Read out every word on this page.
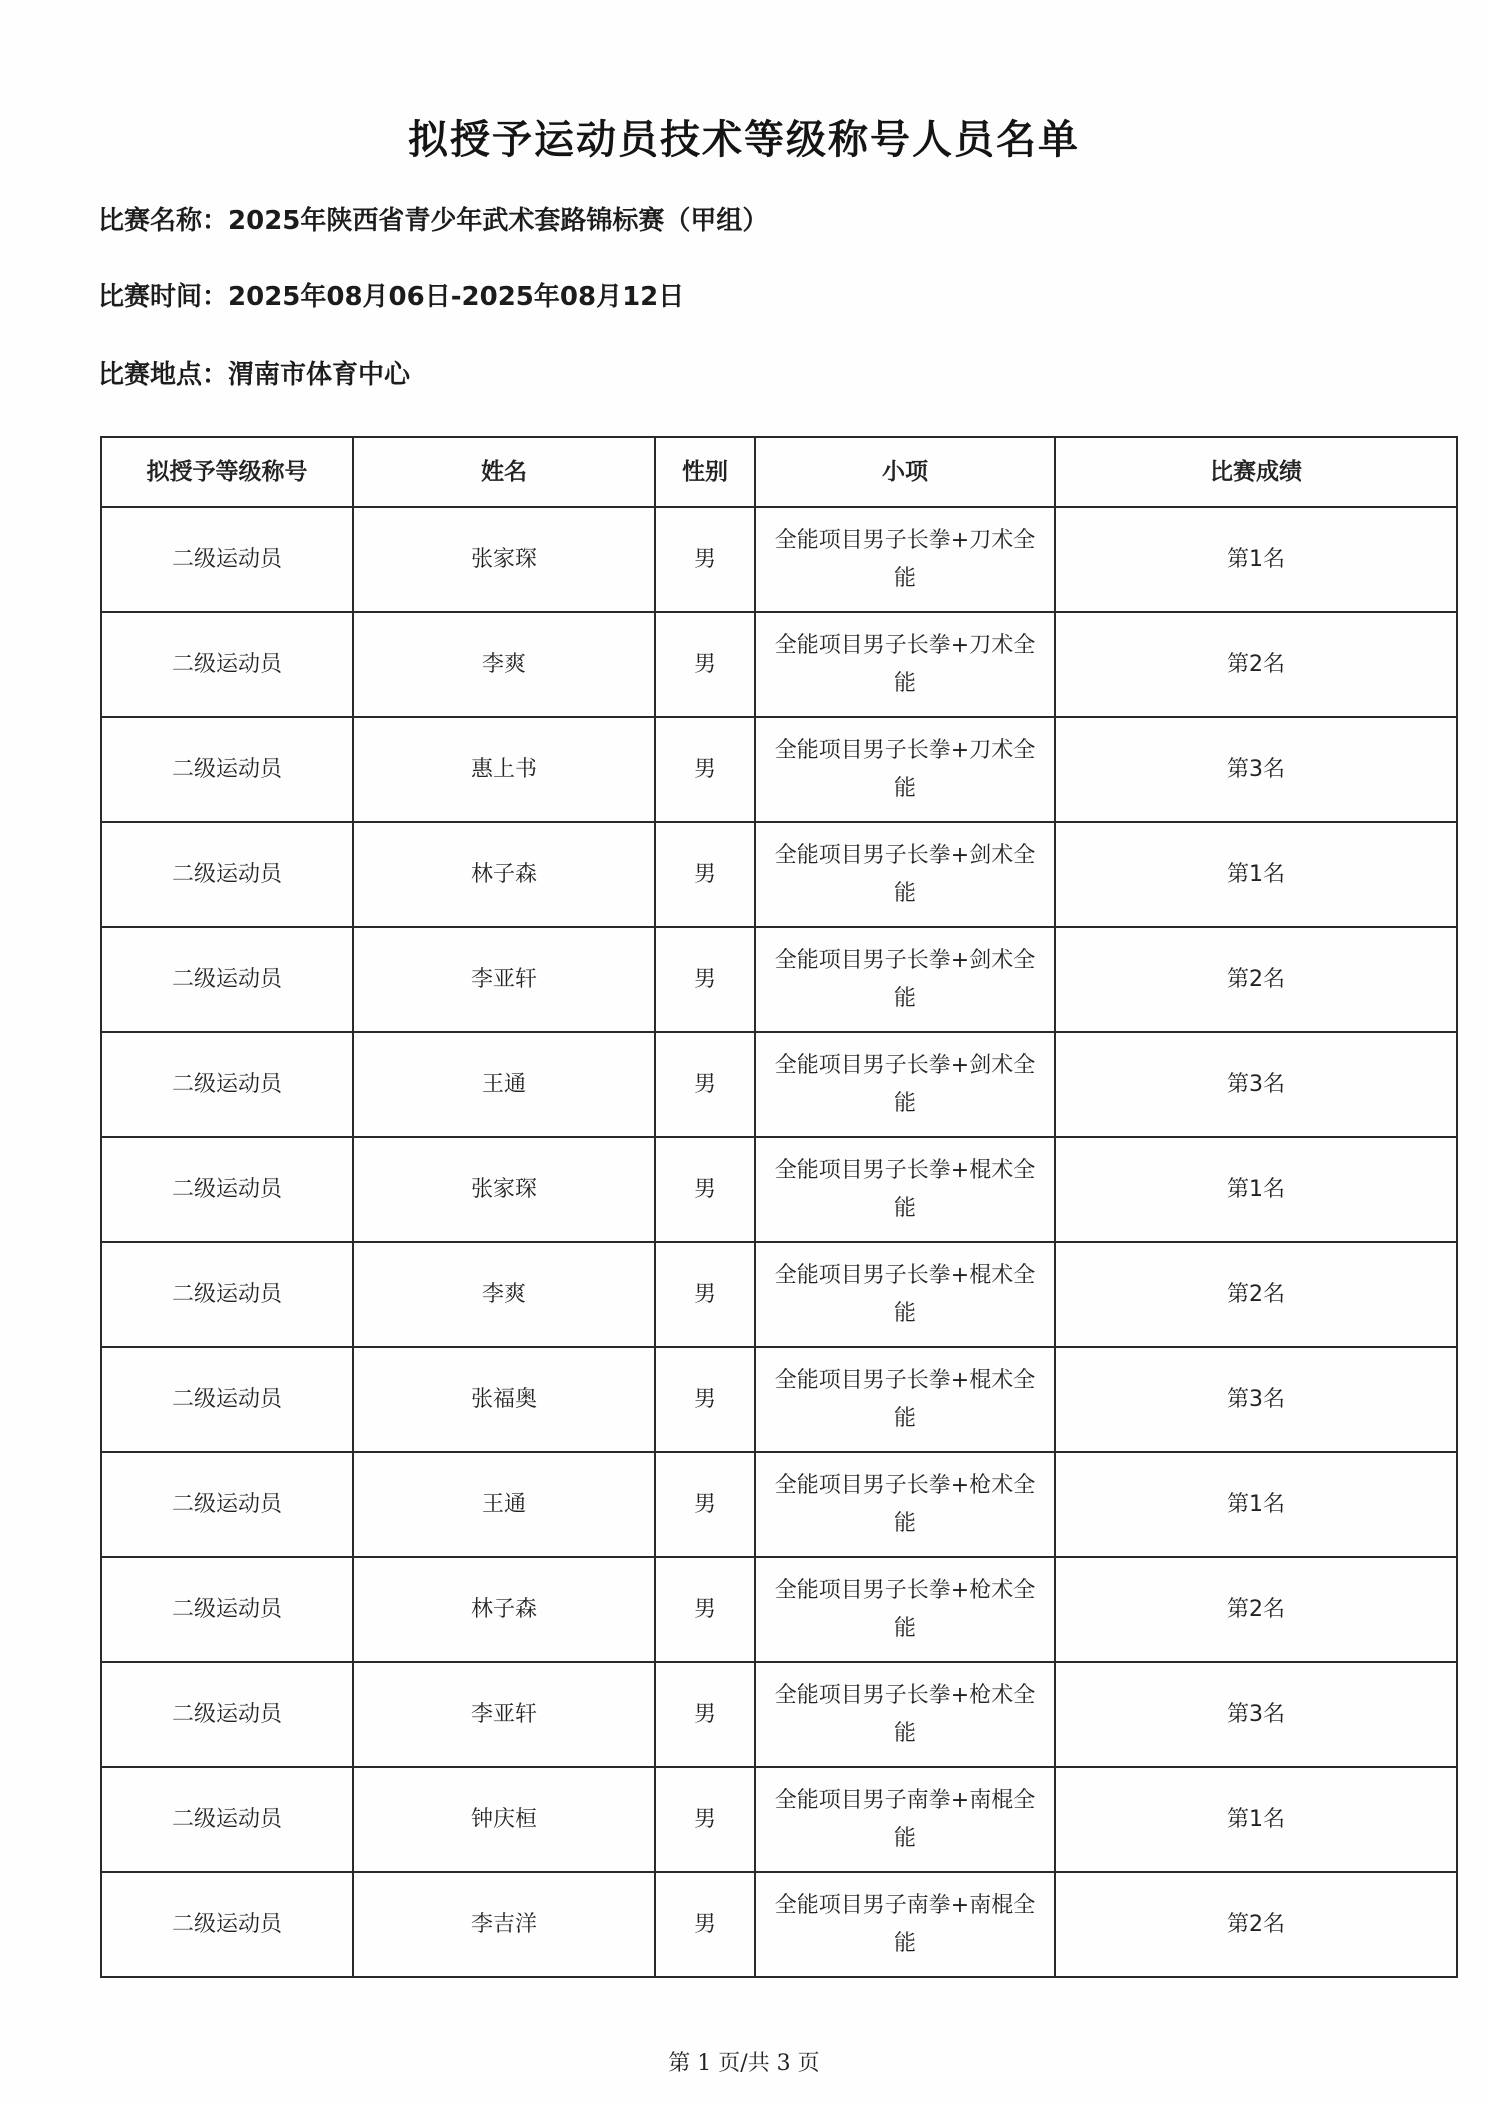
拟授予运动员技术等级称号人员名单
比赛名称：2025年陕西省青少年武术套路锦标赛（甲组）
比赛时间：2025年08月06日-2025年08月12日
比赛地点：渭南市体育中心
拟授予等级称号	姓名	性别	小项	比赛成绩
二级运动员	张家琛	男	全能项目男子长拳+刀术全能	第1名
二级运动员	李爽	男	全能项目男子长拳+刀术全能	第2名
二级运动员	惠上书	男	全能项目男子长拳+刀术全能	第3名
二级运动员	林子森	男	全能项目男子长拳+剑术全能	第1名
二级运动员	李亚轩	男	全能项目男子长拳+剑术全能	第2名
二级运动员	王通	男	全能项目男子长拳+剑术全能	第3名
二级运动员	张家琛	男	全能项目男子长拳+棍术全能	第1名
二级运动员	李爽	男	全能项目男子长拳+棍术全能	第2名
二级运动员	张福奥	男	全能项目男子长拳+棍术全能	第3名
二级运动员	王通	男	全能项目男子长拳+枪术全能	第1名
二级运动员	林子森	男	全能项目男子长拳+枪术全能	第2名
二级运动员	李亚轩	男	全能项目男子长拳+枪术全能	第3名
二级运动员	钟庆桓	男	全能项目男子南拳+南棍全能	第1名
二级运动员	李吉洋	男	全能项目男子南拳+南棍全能	第2名
第 1 页/共 3 页
